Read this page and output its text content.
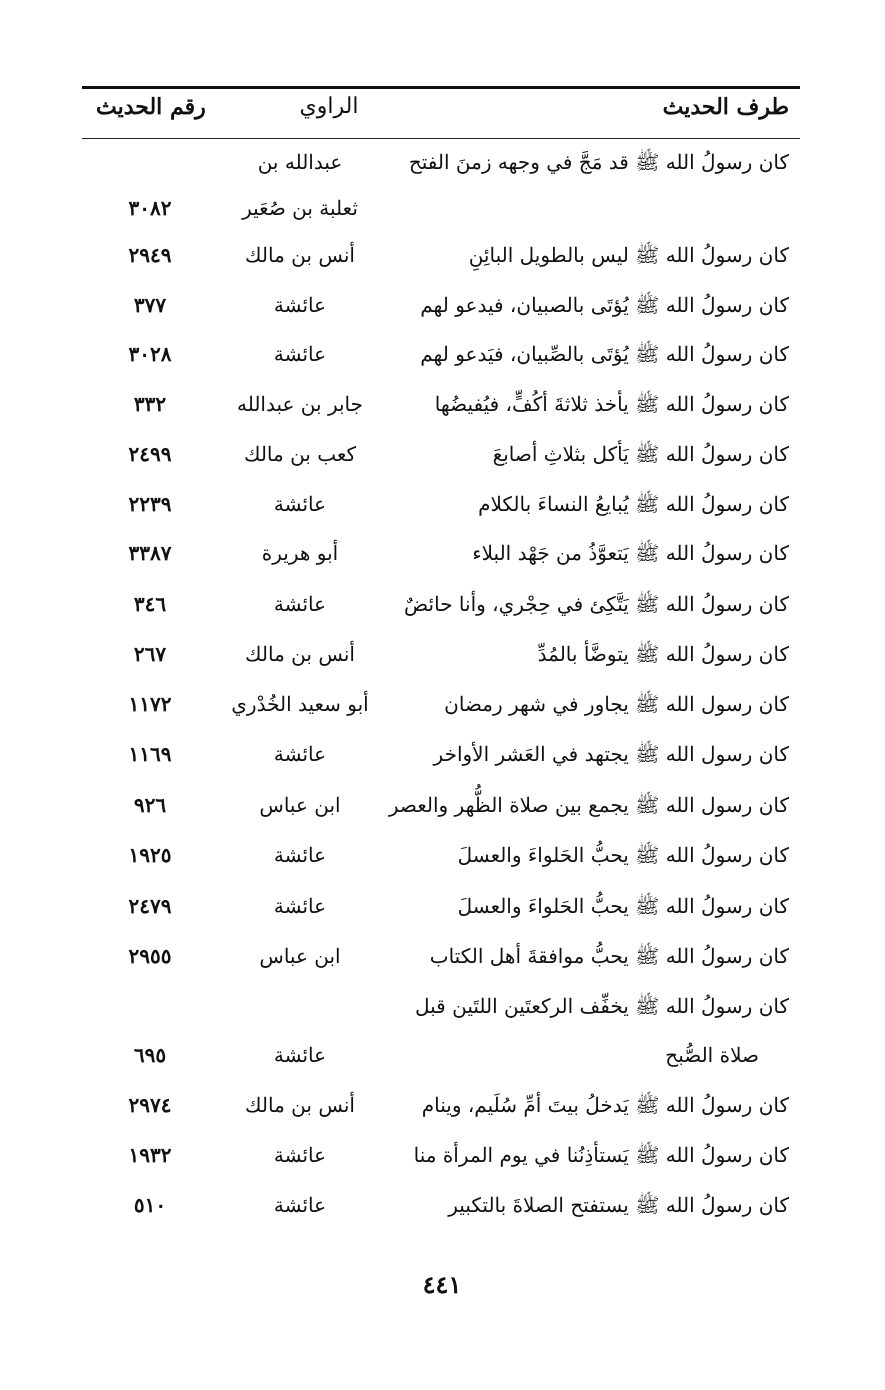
طرف الحديث
الراوي
رقم الحديث
كان رسولُ الله ﷺ قد مَجَّ في وجهه زمنَ الفتح
عبدالله بن
ثعلبة بن صُعَير
٣٠٨٢
كان رسولُ الله ﷺ ليس بالطويل البائِنِ
أنس بن مالك
٢٩٤٩
كان رسولُ الله ﷺ يُؤتَى بالصبيان، فيدعو لهم
عائشة
٣٧٧
كان رسولُ الله ﷺ يُؤتَى بالصِّبيان، فيَدعو لهم
عائشة
٣٠٢٨
كان رسولُ الله ﷺ يأخذ ثلاثةَ أكُفٍّ، فيُفيضُها
جابر بن عبدالله
٣٣٢
كان رسولُ الله ﷺ يَأكل بثلاثِ أصابعَ
كعب بن مالك
٢٤٩٩
كان رسولُ الله ﷺ يُبايعُ النساءَ بالكلام
عائشة
٢٢٣٩
كان رسولُ الله ﷺ يَتعوَّذُ من جَهْد البلاء
أبو هريرة
٣٣٨٧
كان رسولُ الله ﷺ يَتَّكِئ في حِجْري، وأنا حائضٌ
عائشة
٣٤٦
كان رسولُ الله ﷺ يتوضَّأ بالمُدِّ
أنس بن مالك
٢٦٧
كان رسول الله ﷺ يجاور في شهر رمضان
أبو سعيد الخُدْري
١١٧٢
كان رسول الله ﷺ يجتهد في العَشر الأواخر
عائشة
١١٦٩
كان رسول الله ﷺ يجمع بين صلاة الظُّهر والعصر
ابن عباس
٩٢٦
كان رسولُ الله ﷺ يحبُّ الحَلواءَ والعسلَ
عائشة
١٩٢٥
كان رسولُ الله ﷺ يحبُّ الحَلواءَ والعسلَ
عائشة
٢٤٧٩
كان رسولُ الله ﷺ يحبُّ موافقةَ أهل الكتاب
ابن عباس
٢٩٥٥
كان رسولُ الله ﷺ يخفِّف الركعتَين اللتَين قبل
صلاة الصُّبح
عائشة
٦٩٥
كان رسولُ الله ﷺ يَدخلُ بيتَ أمِّ سُلَيم، وينام
أنس بن مالك
٢٩٧٤
كان رسولُ الله ﷺ يَستأذِنُنا في يوم المرأة منا
عائشة
١٩٣٢
كان رسولُ الله ﷺ يستفتح الصلاةَ بالتكبير
عائشة
٥١٠
٤٤١
